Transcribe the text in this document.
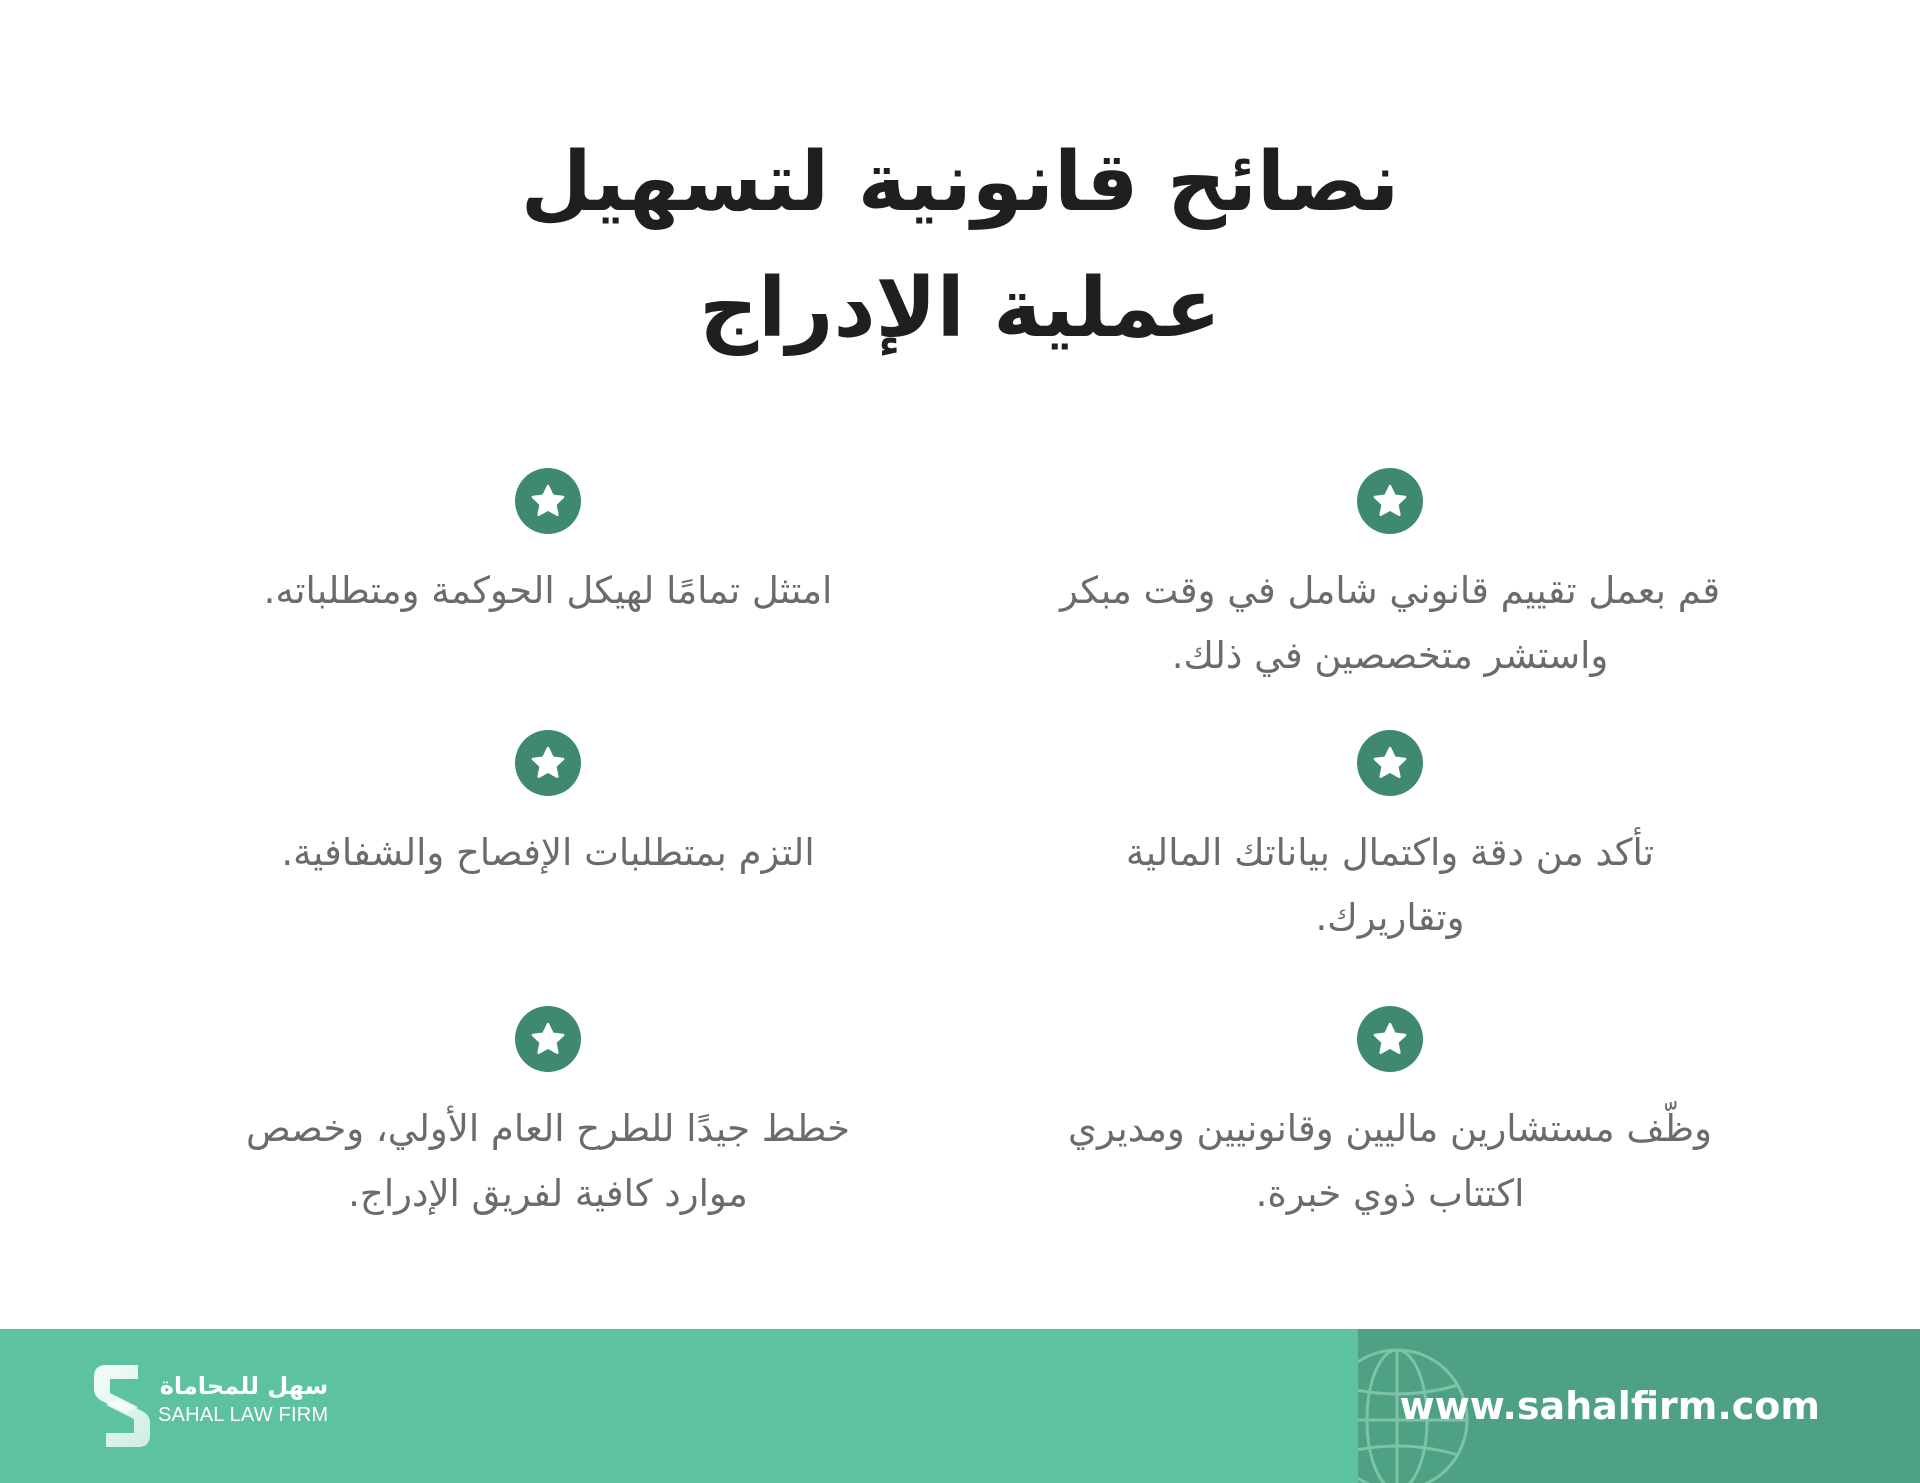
نصائح قانونية لتسهيل
عملية الإدراج
قم بعمل تقييم قانوني شامل في وقت مبكر واستشر متخصصين في ذلك.
امتثل تمامًا لهيكل الحوكمة ومتطلباته.
تأكد من دقة واكتمال بياناتك المالية وتقاريرك.
التزم بمتطلبات الإفصاح والشفافية.
وظّف مستشارين ماليين وقانونيين ومديري اكتتاب ذوي خبرة.
خطط جيدًا للطرح العام الأولي، وخصص موارد كافية لفريق الإدراج.
سهل للمحاماة
SAHAL LAW FIRM	www.sahalfirm.com
